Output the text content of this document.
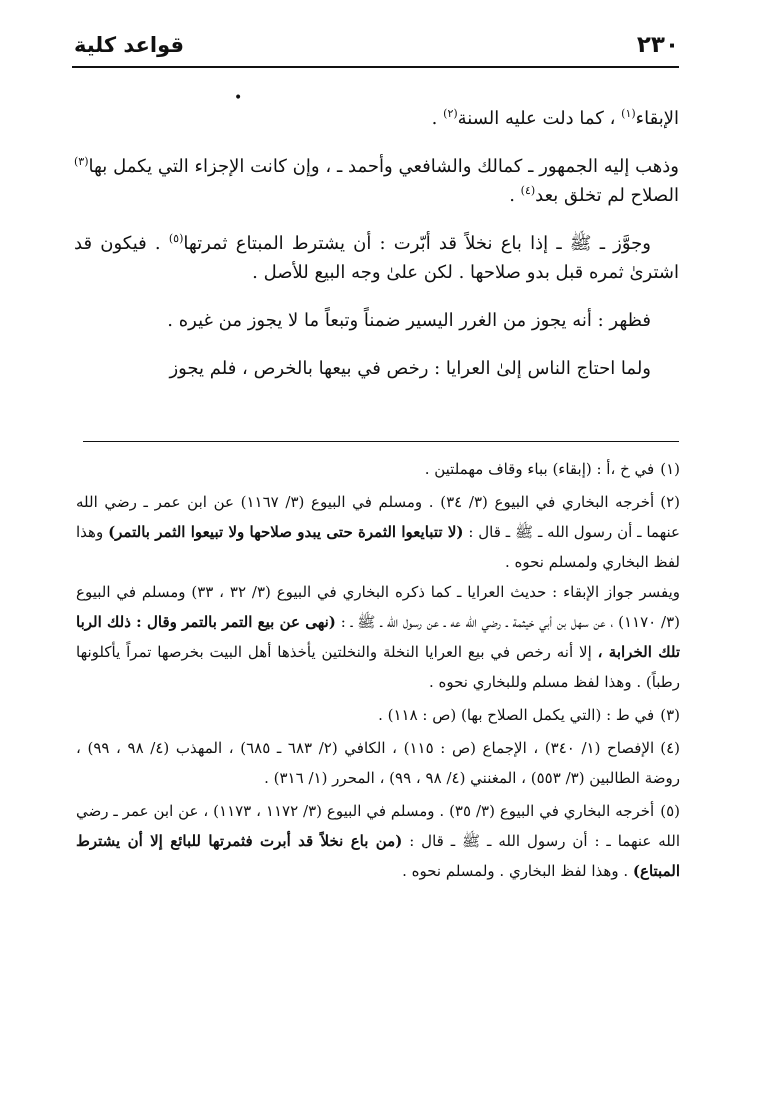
٢٣٠
قواعد كلية
•

الإبقاء$^{(١)}$ ، كما دلت عليه السنة$^{(٢)}$ .

وذهب إليه الجمهور ـ كمالك والشافعي وأحمد ـ ، وإن كانت الإجزاء التي يكمل بها$^{(٣)}$ الصلاح لم تخلق بعد$^{(٤)}$ .

وجوَّز ـ ﷺ ـ إذا باع نخلاً قد أبّرت : أن يشترط المبتاع ثمرتها$^{(٥)}$ . فيكون قد اشترىٰ ثمره قبل بدو صلاحها . لكن علىٰ وجه البيع للأصل .

فظهر : أنه يجوز من الغرر اليسير ضمناً وتبعاً ما لا يجوز من غيره .

ولما احتاج الناس إلىٰ العرايا : رخص في بيعها بالخرص ، فلم يجوز

(١)في خ ،أ : (إبقاء) بباء وقاف مهملتين .
(٢)أخرجه البخاري في البيوع (٣/ ٣٤) . ومسلم في البيوع (٣/ ١١٦٧) عن ابن عمر ـ رضي الله عنهما ـ أن رسول الله ـ ﷺ ـ قال : (لا تتبايعوا الثمرة حتى يبدو صلاحها ولا تبيعوا الثمر بالتمر) وهذا لفظ البخاري ولمسلم نحوه .
ويفسر جواز الإبقاء : حديث العرايا ـ كما ذكره البخاري في البيوع (٣/ ٣٢ ، ٣٣) ومسلم في البيوع (٣/ ١١٧٠) ، عن سهل بن أبي خيثمة ـ رضي الله عه ـ عن رسول الله ـ ﷺ ـ : (نهى عن بيع التمر بالتمر وقال : ذلك الربا تلك الخرابة ، إلا أنه رخص في بيع العرايا النخلة والنخلتين يأخذها أهل البيت بخرصها تمراً يأكلونها رطباً) . وهذا لفظ مسلم وللبخاري نحوه .
(٣)في ط : (التي يكمل الصلاح بها) (ص : ١١٨) .
(٤)الإفصاح (١/ ٣٤٠) ، الإجماع (ص : ١١٥) ، الكافي (٢/ ٦٨٣ ـ ٦٨٥) ، المهذب (٤/ ٩٨ ، ٩٩) ، روضة الطالبين (٣/ ٥٥٣) ، المغنني (٤/ ٩٨ ، ٩٩) ، المحرر (١/ ٣١٦) .
(٥)أخرجه البخاري في البيوع (٣/ ٣٥) . ومسلم في البيوع (٣/ ١١٧٢ ، ١١٧٣) ، عن ابن عمر ـ رضي الله عنهما ـ : أن رسول الله ـ ﷺ ـ قال : (من باع نخلاً قد أبرت فثمرتها للبائع إلا أن يشترط المبتاع) . وهذا لفظ البخاري . ولمسلم نحوه .
